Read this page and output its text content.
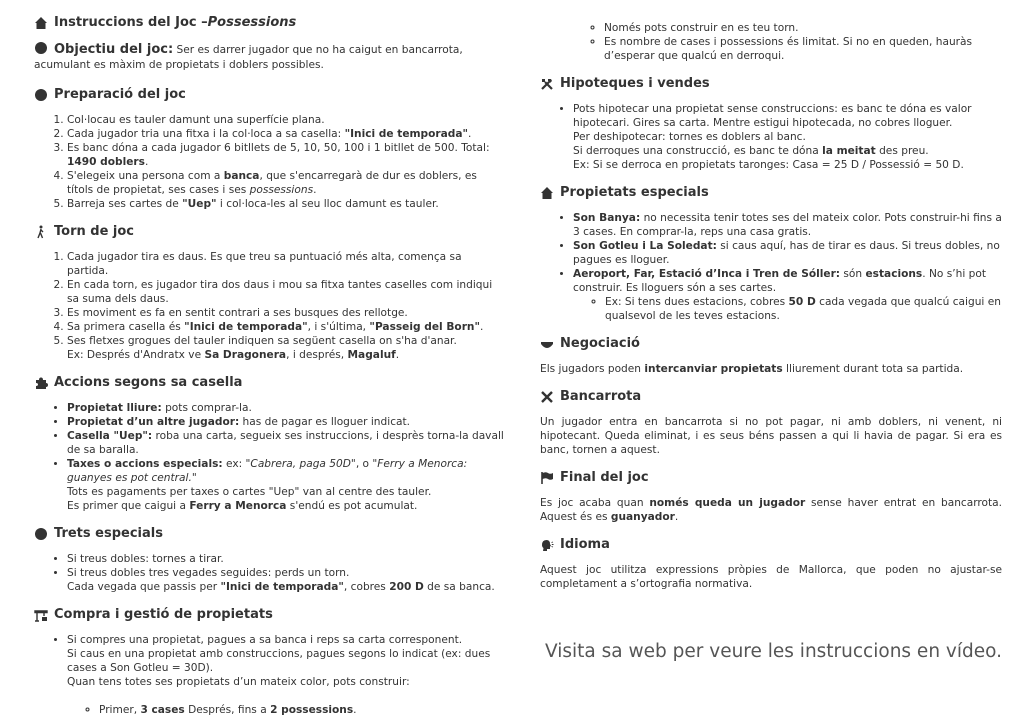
Instruccions del Joc – Possessions

Objectiu del joc: Ser es darrer jugador que no ha caigut en bancarrota, acumulant es màxim de propietats i doblers possibles.

Preparació del joc
1. Col·locau es tauler damunt una superfície plana.
2. Cada jugador tria una fitxa i la col·loca a sa casella: "Inici de temporada".
3. Es banc dóna a cada jugador 6 bitllets de 5, 10, 50, 100 i 1 bitllet de 500. Total: 1490 doblers.
4. S'elegeix una persona com a banca, que s'encarregarà de dur es doblers, es títols de propietat, ses cases i ses possessions.
5. Barreja ses cartes de "Uep" i col·loca-les al seu lloc damunt es tauler.
Torn de joc
1. Cada jugador tira es daus. Es que treu sa puntuació més alta, comença sa partida.
2. En cada torn, es jugador tira dos daus i mou sa fitxa tantes caselles com indiqui sa suma dels daus.
3. Es moviment es fa en sentit contrari a ses busques des rellotge.
4. Sa primera casella és "Inici de temporada", i s'última, "Passeig del Born".
5. Ses fletxes grogues del tauler indiquen sa següent casella on s'ha d'anar.
Ex: Després d'Andratx ve Sa Dragonera, i després, Magaluf.
Accions segons sa casella
• Propietat lliure: pots comprar-la.
• Propietat d’un altre jugador: has de pagar es lloguer indicat.
• Casella "Uep": roba una carta, segueix ses instruccions, i desprès torna-la davall de sa baralla.
• Taxes o accions especials: ex: "Cabrera, paga 50D", o "Ferry a Menorca: guanyes es pot central."
Tots es pagaments per taxes o cartes "Uep" van al centre des tauler.
Es primer que caigui a Ferry a Menorca s'endú es pot acumulat.
Trets especials
• Si treus dobles: tornes a tirar.
• Si treus dobles tres vegades seguides: perds un torn.
Cada vegada que passis per "Inici de temporada", cobres 200 D de sa banca.
Compra i gestió de propietats
• Si compres una propietat, pagues a sa banca i reps sa carta corresponent.
Si caus en una propietat amb construccions, pagues segons lo indicat (ex: dues cases a Son Gotleu = 30D).
Quan tens totes ses propietats d’un mateix color, pots construir:
◦ Primer, 3 cases Després, fins a 2 possessions.
◦ Només pots construir en es teu torn.
◦ Es nombre de cases i possessions és limitat. Si no en queden, hauràs d’esperar que qualcú en derroqui.
Hipoteques i vendes
• Pots hipotecar una propietat sense construccions: es banc te dóna es valor hipotecari. Gires sa carta. Mentre estigui hipotecada, no cobres lloguer.
Per deshipotecar: tornes es doblers al banc.
Si derroques una construcció, es banc te dóna la meitat des preu.
Ex: Si se derroca en propietats taronges: Casa = 25 D / Possessió = 50 D.
Propietats especials
• Son Banya: no necessita tenir totes ses del mateix color. Pots construir-hi fins a 3 cases. En comprar-la, reps una casa gratis.
• Son Gotleu i La Soledat: si caus aquí, has de tirar es daus. Si treus dobles, no pagues es lloguer.
• Aeroport, Far, Estació d’Inca i Tren de Sóller: són estacions. No s’hi pot construir. Es lloguers són a ses cartes.
◦ Ex: Si tens dues estacions, cobres 50 D cada vegada que qualcú caigui en qualsevol de les teves estacions.
Negociació

Els jugadors poden intercanviar propietats lliurement durant tota sa partida.

Bancarrota

Un jugador entra en bancarrota si no pot pagar, ni amb doblers, ni venent, ni hipotecant. Queda eliminat, i es seus béns passen a qui li havia de pagar. Si era es banc, tornen a aquest.

Final del joc

Es joc acaba quan només queda un jugador sense haver entrat en bancarrota. Aquest és es guanyador.

Idioma

Aquest joc utilitza expressions pròpies de Mallorca, que poden no ajustar-se completament a s’ortografia normativa.

Visita sa web per veure les instruccions en vídeo.
